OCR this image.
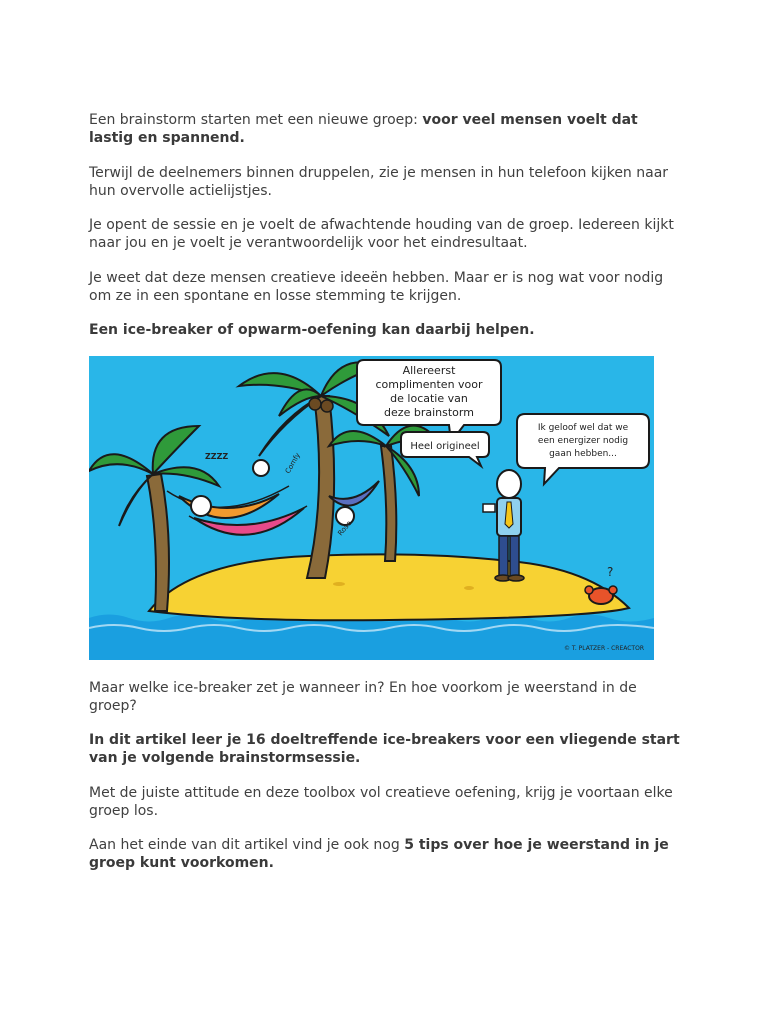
Een brainstorm starten met een nieuwe groep: voor veel mensen voelt dat lastig en spannend.

Terwijl de deelnemers binnen druppelen, zie je mensen in hun telefoon kijken naar hun overvolle actielijstjes.

Je opent de sessie en je voelt de afwachtende houding van de groep. Iedereen kijkt naar jou en je voelt je verantwoordelijk voor het eindresultaat.

Je weet dat deze mensen creatieve ideeën hebben. Maar er is nog wat voor nodig om ze in een spontane en losse stemming te krijgen.

Een ice-breaker of opwarm-oefening kan daarbij helpen.

ZZZZ	Comfy
Rose
?
Allereerst
complimenten voor
de locatie van
deze brainstorm
Heel origineel
Ik geloof wel dat we
een energizer nodig
gaan hebben...
© T. PLATZER - CREACTOR

Maar welke ice-breaker zet je wanneer in? En hoe voorkom je weerstand in de groep?

In dit artikel leer je 16 doeltreffende ice-breakers voor een vliegende start van je volgende brainstormsessie.

Met de juiste attitude en deze toolbox vol creatieve oefening, krijg je voortaan elke groep los.

Aan het einde van dit artikel vind je ook nog 5 tips over hoe je weerstand in je groep kunt voorkomen.
